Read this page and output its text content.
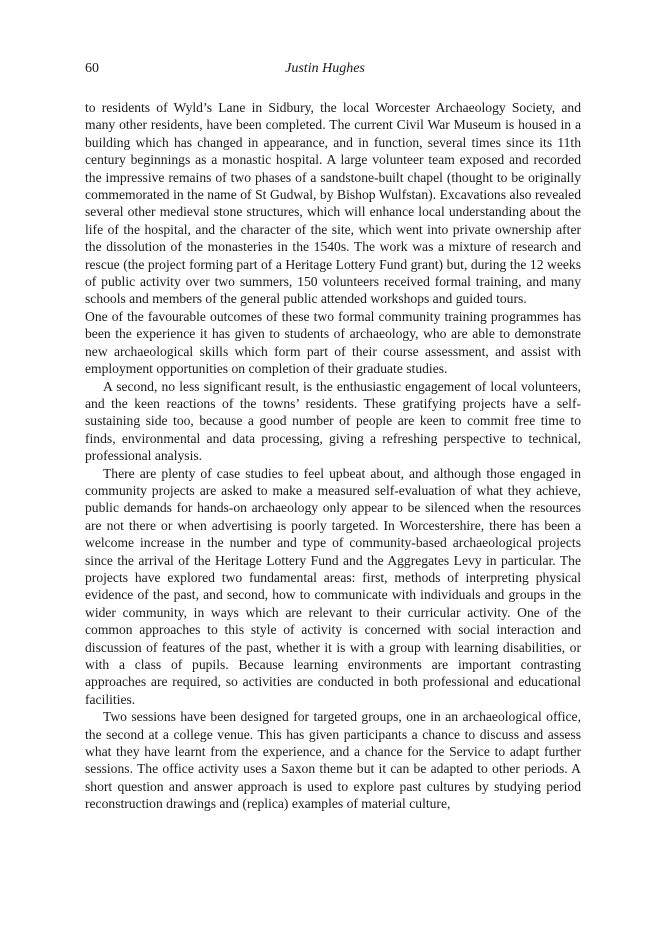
60	Justin Hughes

to residents of Wyld’s Lane in Sidbury, the local Worcester Archaeology Society, and many other residents, have been completed. The current Civil War Museum is housed in a building which has changed in appearance, and in function, several times since its 11th century beginnings as a monastic hospital. A large volunteer team exposed and recorded the impressive remains of two phases of a sandstone-built chapel (thought to be originally commemorated in the name of St Gudwal, by Bishop Wulfstan). Excavations also revealed several other medieval stone structures, which will enhance local understanding about the life of the hospital, and the character of the site, which went into private ownership after the dissolution of the monasteries in the 1540s. The work was a mixture of research and rescue (the project forming part of a Heritage Lottery Fund grant) but, during the 12 weeks of public activity over two summers, 150 volunteers received formal training, and many schools and members of the general public attended workshops and guided tours.

One of the favourable outcomes of these two formal community training programmes has been the experience it has given to students of archaeology, who are able to demonstrate new archaeological skills which form part of their course assessment, and assist with employment opportunities on completion of their graduate studies.

A second, no less significant result, is the enthusiastic engagement of local volunteers, and the keen reactions of the towns’ residents. These gratifying projects have a self-sustaining side too, because a good number of people are keen to commit free time to finds, environmental and data processing, giving a refreshing perspective to technical, professional analysis.

There are plenty of case studies to feel upbeat about, and although those engaged in community projects are asked to make a measured self-evaluation of what they achieve, public demands for hands-on archaeology only appear to be silenced when the resources are not there or when advertising is poorly targeted. In Worcestershire, there has been a welcome increase in the number and type of community-based archaeological projects since the arrival of the Heritage Lottery Fund and the Aggregates Levy in particular. The projects have explored two fundamental areas: first, methods of interpreting physical evidence of the past, and second, how to communicate with individuals and groups in the wider community, in ways which are relevant to their curricular activity. One of the common approaches to this style of activity is concerned with social interaction and discussion of features of the past, whether it is with a group with learning disabilities, or with a class of pupils. Because learning environments are important contrasting approaches are required, so activities are conducted in both professional and educational facilities.

Two sessions have been designed for targeted groups, one in an archaeological office, the second at a college venue. This has given participants a chance to discuss and assess what they have learnt from the experience, and a chance for the Service to adapt further sessions. The office activity uses a Saxon theme but it can be adapted to other periods. A short question and answer approach is used to explore past cultures by studying period reconstruction drawings and (replica) examples of material culture,
